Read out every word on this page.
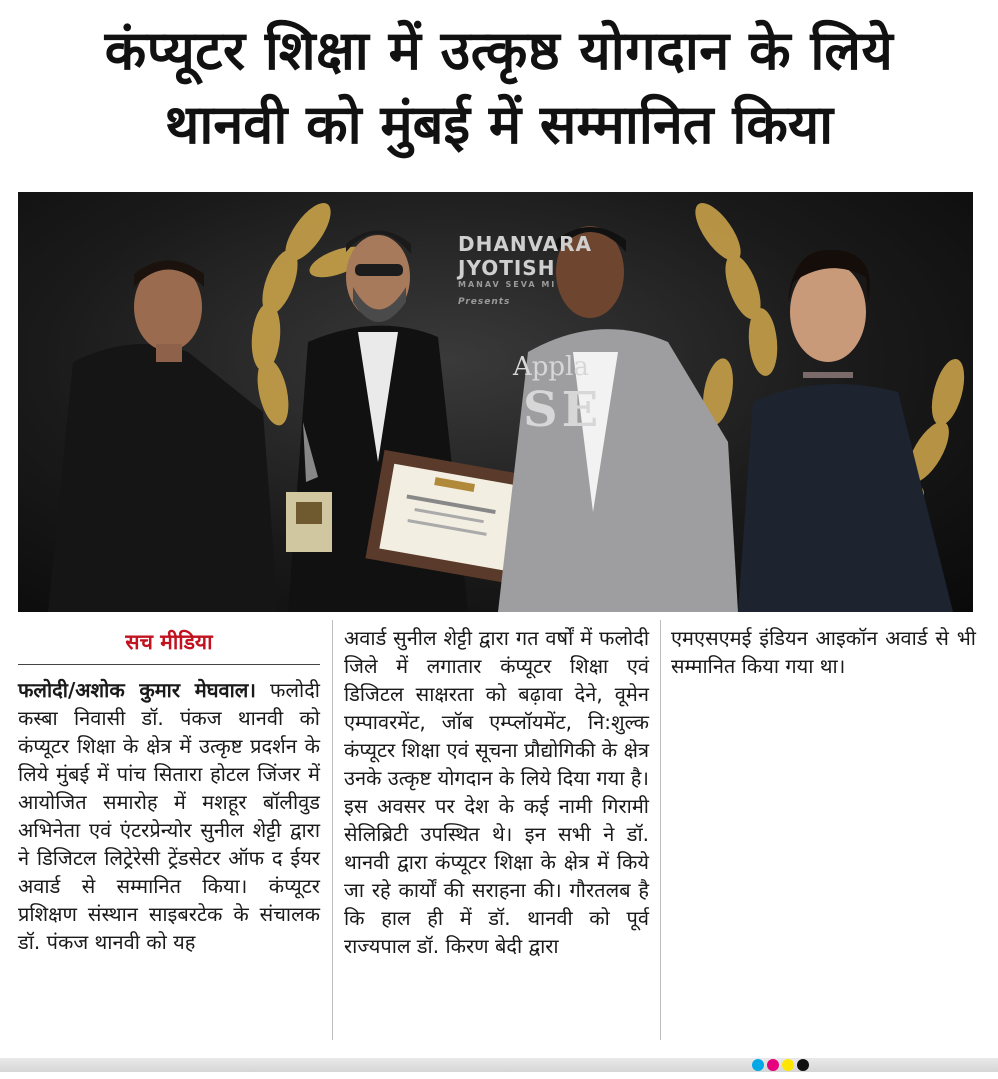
कंप्यूटर शिक्षा में उत्कृष्ठ योगदान के लिये
थानवी को मुंबई में सम्मानित किया
DHANVARA
JYOTISH
MANAV SEVA MI
Presents
Appla
SE
सच मीडिया

फलोदी/अशोक कुमार मेघवाल। फलोदी कस्बा निवासी डॉ. पंकज थानवी को कंप्यूटर शिक्षा के क्षेत्र में उत्कृष्ट प्रदर्शन के लिये मुंबई में पांच सितारा होटल जिंजर में आयोजित समारोह में मशहूर बॉलीवुड अभिनेता एवं एंटरप्रेन्योर सुनील शेट्टी द्वारा ने डिजिटल लिट्रेरेसी ट्रेंडसेटर ऑफ द ईयर अवार्ड से सम्मानित किया। कंप्यूटर प्रशिक्षण संस्थान साइबरटेक के संचालक डॉ. पंकज थानवी को यह

अवार्ड सुनील शेट्टी द्वारा गत वर्षों में फलोदी जिले में लगातार कंप्यूटर शिक्षा एवं डिजिटल साक्षरता को बढ़ावा देने, वूमेन एम्पावरमेंट, जॉब एम्प्लॉयमेंट, नि:शुल्क कंप्यूटर शिक्षा एवं सूचना प्रौद्योगिकी के क्षेत्र उनके उत्कृष्ट योगदान के लिये दिया गया है। इस अवसर पर देश के कई नामी गिरामी सेलिब्रिटी उपस्थित थे। इन सभी ने डॉ. थानवी द्वारा कंप्यूटर शिक्षा के क्षेत्र में किये जा रहे कार्यों की सराहना की। गौरतलब है कि हाल ही में डॉ. थानवी को पूर्व राज्यपाल डॉ. किरण बेदी द्वारा

एमएसएमई इंडियन आइकॉन अवार्ड से भी सम्मानित किया गया था।
